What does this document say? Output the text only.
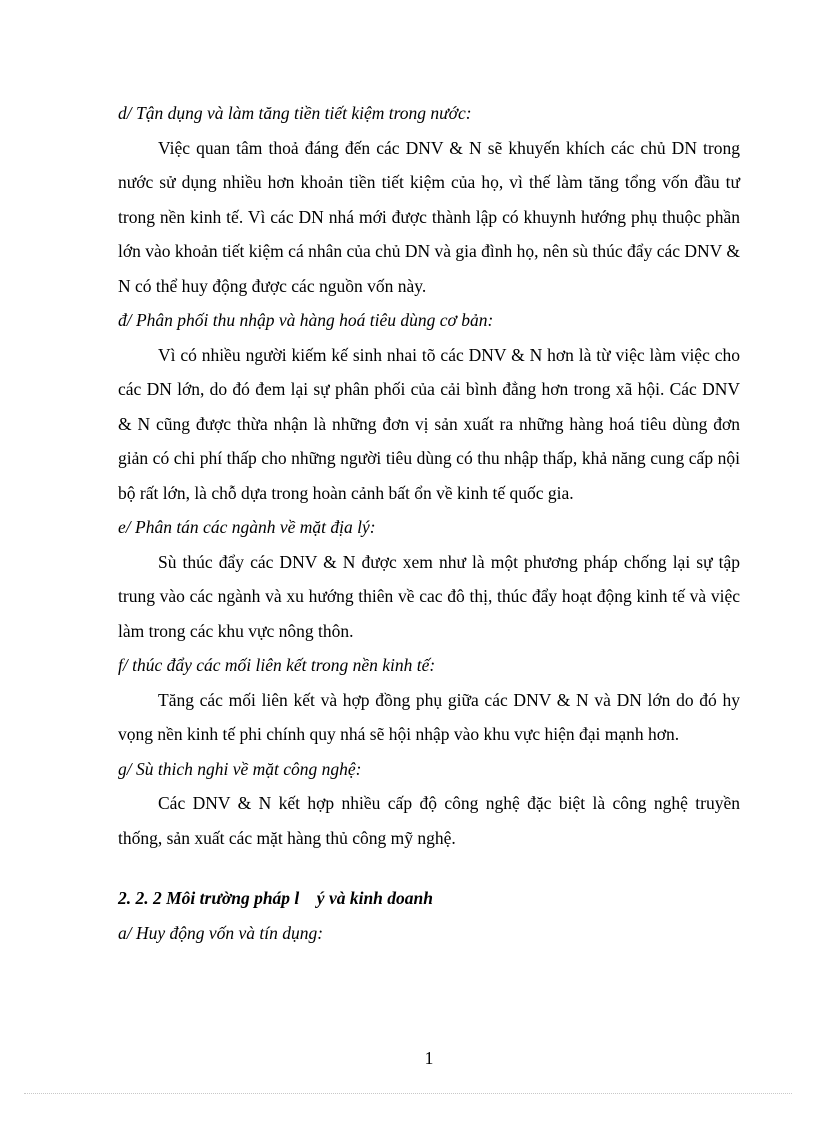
d/ Tận dụng và làm tăng tiền tiết kiệm trong nước:

Việc quan tâm thoả đáng đến các DNV & N sẽ khuyến khích các chủ DN trong nước sử dụng nhiều hơn khoản tiền tiết kiệm của họ, vì thế làm tăng tổng vốn đầu tư trong nền kinh tế. Vì các DN nhá mới được thành lập có khuynh hướng phụ thuộc phần lớn vào khoản tiết kiệm cá nhân của chủ DN và gia đình họ, nên sù thúc đẩy các DNV & N có thể huy động được các nguồn vốn này.

đ/ Phân phối thu nhập và hàng hoá tiêu dùng cơ bản:

Vì có nhiều người kiếm kế sinh nhai tõ các DNV & N hơn là từ việc làm việc cho các DN lớn, do đó đem lại sự phân phối của cải bình đẳng hơn trong xã hội. Các DNV & N cũng được thừa nhận là những đơn vị sản xuất ra những hàng hoá tiêu dùng đơn giản có chi phí thấp cho những người tiêu dùng có thu nhập thấp, khả năng cung cấp nội bộ rất lớn, là chỗ dựa trong hoàn cảnh bất ổn về kinh tế quốc gia.

e/ Phân tán các ngành về mặt địa lý:

Sù thúc đẩy các DNV & N được xem như là một phương pháp chống lại sự tập trung vào các ngành và xu hướng thiên về cac đô thị, thúc đẩy hoạt động kinh tế và việc làm trong các khu vực nông thôn.

f/ thúc đẩy các mối liên kết trong nền kinh tế:

Tăng các mối liên kết và hợp đồng phụ giữa các DNV & N và DN lớn do đó hy vọng nền kinh tế phi chính quy nhá sẽ hội nhập vào khu vực hiện đại mạnh hơn.

g/ Sù thich nghi về mặt công nghệ:

Các DNV & N kết hợp nhiều cấp độ công nghệ đặc biệt là công nghệ truyền thống, sản xuất các mặt hàng thủ công mỹ nghệ.

2. 2. 2 Môi trường pháp l    ý và kinh doanh
a/ Huy động vốn và tín dụng:
1
